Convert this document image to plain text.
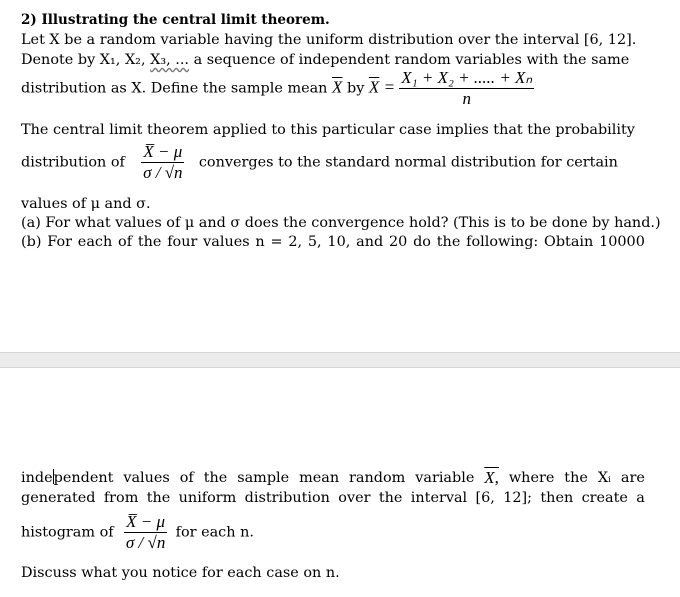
2) Illustrating the central limit theorem.
Let X be a random variable having the uniform distribution over the interval [6, 12].
Denote by X₁, X₂, X₃, ... a sequence of independent random variables with the same
distribution as X. Define the sample mean $\overline{X}$ by $\overline{X} = \frac{\text{X₁ + X₂ + ..... + Xₙ}}{n}$
The central limit theorem applied to this particular case implies that the probability
distribution of $\frac{X̅ - \mu}{\sigma / √n}$ converges to the standard normal distribution for certain
values of μ and σ.
(a) For what values of μ and σ does the convergence hold? (This is to be done by hand.)
(b) For each of the four values n = 2, 5, 10, and 20 do the following: Obtain 10000
independent values of the sample mean random variable X, where the Xᵢ are
generated from the uniform distribution over the interval [6, 12]; then create a
histogram of $\frac{X̅ - \mu}{\sigma / √n}$ for each n.
Discuss what you notice for each case on n.
